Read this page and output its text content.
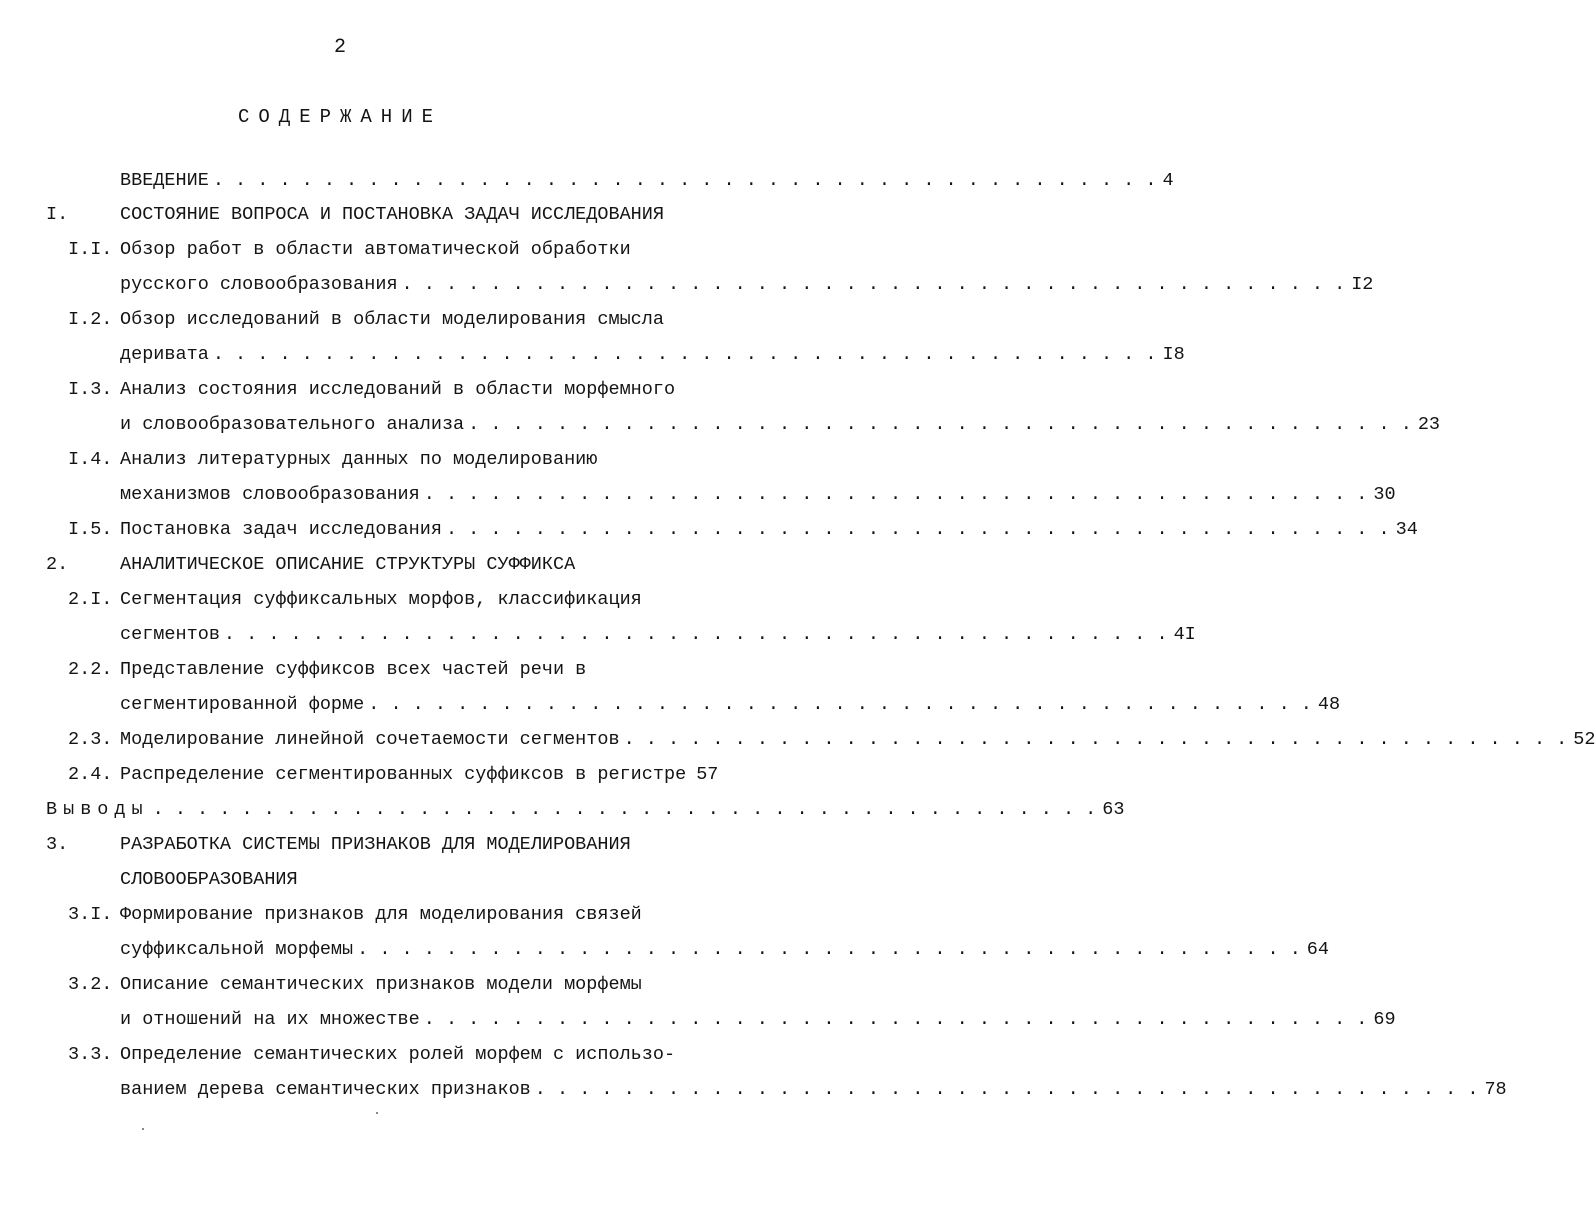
2
СОДЕРЖАНИЕ
ВВЕДЕНИЕ . . . . . . . . . . . . . . . . . . . . . . . . . . . . . . . . . . . . . . . . . . . 4
I.	СОСТОЯНИЕ ВОПРОСА И ПОСТАНОВКА ЗАДАЧ ИССЛЕДОВАНИЯ
I.I. Обзор работ в области автоматической обработки
русского словообразования . . . . . . . . . . . . . . . . . . . . . . . . . . . . . . . . . . . . . . . . . . . I2
I.2. Обзор исследований в области моделирования смысла
деривата . . . . . . . . . . . . . . . . . . . . . . . . . . . . . . . . . . . . . . . . . . . I8
I.3. Анализ состояния исследований в области морфемного
и словообразовательного анализа . . . . . . . . . . . . . . . . . . . . . . . . . . . . . . . . . . . . . . . . . . . 23
I.4. Анализ литературных данных по моделированию
механизмов словообразования . . . . . . . . . . . . . . . . . . . . . . . . . . . . . . . . . . . . . . . . . . . 30
I.5. Постановка задач исследования . . . . . . . . . . . . . . . . . . . . . . . . . . . . . . . . . . . . . . . . . . . 34
2.	АНАЛИТИЧЕСКОЕ ОПИСАНИЕ СТРУКТУРЫ СУФФИКСА
2.I. Сегментация суффиксальных морфов, классификация
сегментов . . . . . . . . . . . . . . . . . . . . . . . . . . . . . . . . . . . . . . . . . . . 4I
2.2. Представление суффиксов всех частей речи в
сегментированной форме . . . . . . . . . . . . . . . . . . . . . . . . . . . . . . . . . . . . . . . . . . . 48
2.3. Моделирование линейной сочетаемости сегментов . . . . . . . . . . . . . . . . . . . . . . . . . . . . . . . . . . . . . . . . . . . 52
2.4. Распределение сегментированных суффиксов в регистре 57
Выводы . . . . . . . . . . . . . . . . . . . . . . . . . . . . . . . . . . . . . . . . . . . 63
3.	РАЗРАБОТКА СИСТЕМЫ ПРИЗНАКОВ ДЛЯ МОДЕЛИРОВАНИЯ
СЛОВООБРАЗОВАНИЯ
3.I. Формирование признаков для моделирования связей
суффиксальной морфемы . . . . . . . . . . . . . . . . . . . . . . . . . . . . . . . . . . . . . . . . . . . 64
3.2. Описание семантических признаков модели морфемы
и отношений на их множестве . . . . . . . . . . . . . . . . . . . . . . . . . . . . . . . . . . . . . . . . . . . 69
3.3. Определение семантических ролей морфем с использо-
ванием дерева семантических признаков . . . . . . . . . . . . . . . . . . . . . . . . . . . . . . . . . . . . . . . . . . . 78
